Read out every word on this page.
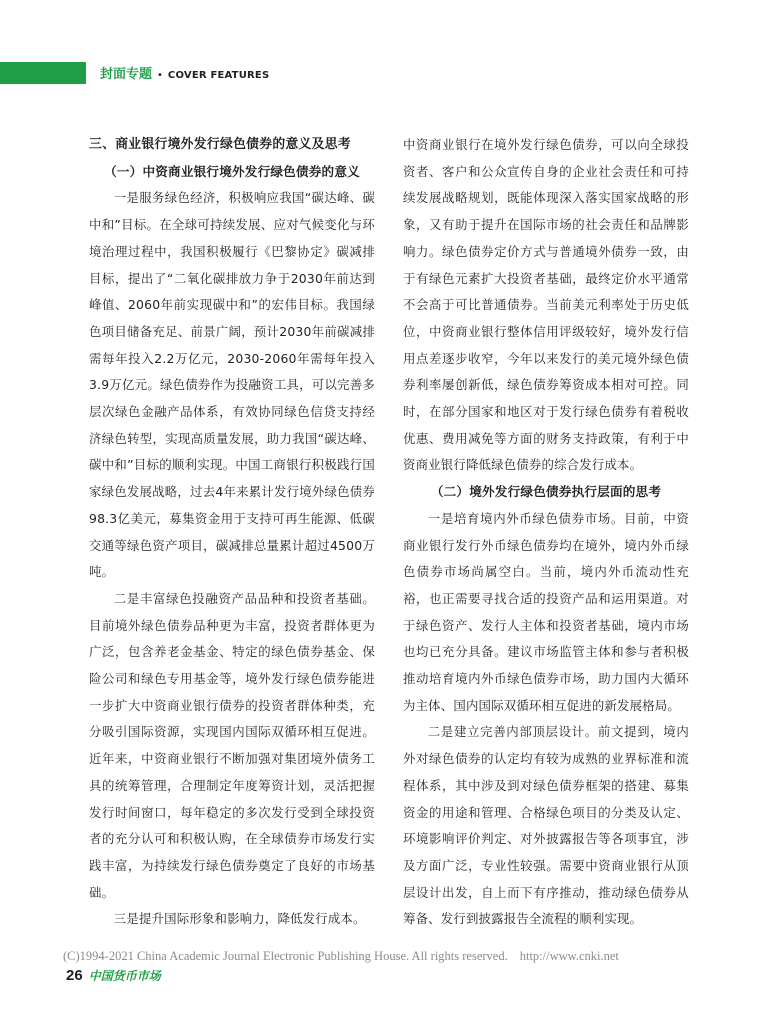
封面专题 • COVER FEATURES
三、商业银行境外发行绿色债券的意义及思考
（一）中资商业银行境外发行绿色债券的意义

一是服务绿色经济，积极响应我国“碳达峰、碳中和”目标。在全球可持续发展、应对气候变化与环境治理过程中，我国积极履行《巴黎协定》碳减排目标，提出了“二氧化碳排放力争于2030年前达到峰值、2060年前实现碳中和”的宏伟目标。我国绿色项目储备充足、前景广阔，预计2030年前碳减排需每年投入2.2万亿元，2030-2060年需每年投入3.9万亿元。绿色债券作为投融资工具，可以完善多层次绿色金融产品体系，有效协同绿色信贷支持经济绿色转型，实现高质量发展，助力我国“碳达峰、碳中和”目标的顺利实现。中国工商银行积极践行国家绿色发展战略，过去4年来累计发行境外绿色债券98.3亿美元，募集资金用于支持可再生能源、低碳交通等绿色资产项目，碳减排总量累计超过4500万吨。

二是丰富绿色投融资产品品种和投资者基础。目前境外绿色债券品种更为丰富，投资者群体更为广泛，包含养老金基金、特定的绿色债券基金、保险公司和绿色专用基金等，境外发行绿色债券能进一步扩大中资商业银行债券的投资者群体种类，充分吸引国际资源，实现国内国际双循环相互促进。近年来，中资商业银行不断加强对集团境外债务工具的统筹管理，合理制定年度筹资计划，灵活把握发行时间窗口，每年稳定的多次发行受到全球投资者的充分认可和积极认购，在全球债券市场发行实践丰富，为持续发行绿色债券奠定了良好的市场基础。

三是提升国际形象和影响力，降低发行成本。

中资商业银行在境外发行绿色债券，可以向全球投资者、客户和公众宣传自身的企业社会责任和可持续发展战略规划，既能体现深入落实国家战略的形象，又有助于提升在国际市场的社会责任和品牌影响力。绿色债券定价方式与普通境外债券一致，由于有绿色元素扩大投资者基础，最终定价水平通常不会高于可比普通债券。当前美元利率处于历史低位，中资商业银行整体信用评级较好，境外发行信用点差逐步收窄，今年以来发行的美元境外绿色债券利率屡创新低，绿色债券筹资成本相对可控。同时，在部分国家和地区对于发行绿色债券有着税收优惠、费用减免等方面的财务支持政策，有利于中资商业银行降低绿色债券的综合发行成本。

（二）境外发行绿色债券执行层面的思考

一是培育境内外币绿色债券市场。目前，中资商业银行发行外币绿色债券均在境外，境内外币绿色债券市场尚属空白。当前，境内外币流动性充裕，也正需要寻找合适的投资产品和运用渠道。对于绿色资产、发行人主体和投资者基础，境内市场也均已充分具备。建议市场监管主体和参与者积极推动培育境内外币绿色债券市场，助力国内大循环为主体、国内国际双循环相互促进的新发展格局。

二是建立完善内部顶层设计。前文提到，境内外对绿色债券的认定均有较为成熟的业界标准和流程体系，其中涉及到对绿色债券框架的搭建、募集资金的用途和管理、合格绿色项目的分类及认定、环境影响评价判定、对外披露报告等各项事宜，涉及方面广泛，专业性较强。需要中资商业银行从顶层设计出发，自上而下有序推动，推动绿色债券从筹备、发行到披露报告全流程的顺利实现。

(C)1994-2021 China Academic Journal Electronic Publishing House. All rights reserved. http://www.cnki.net
26 中国货币市场
